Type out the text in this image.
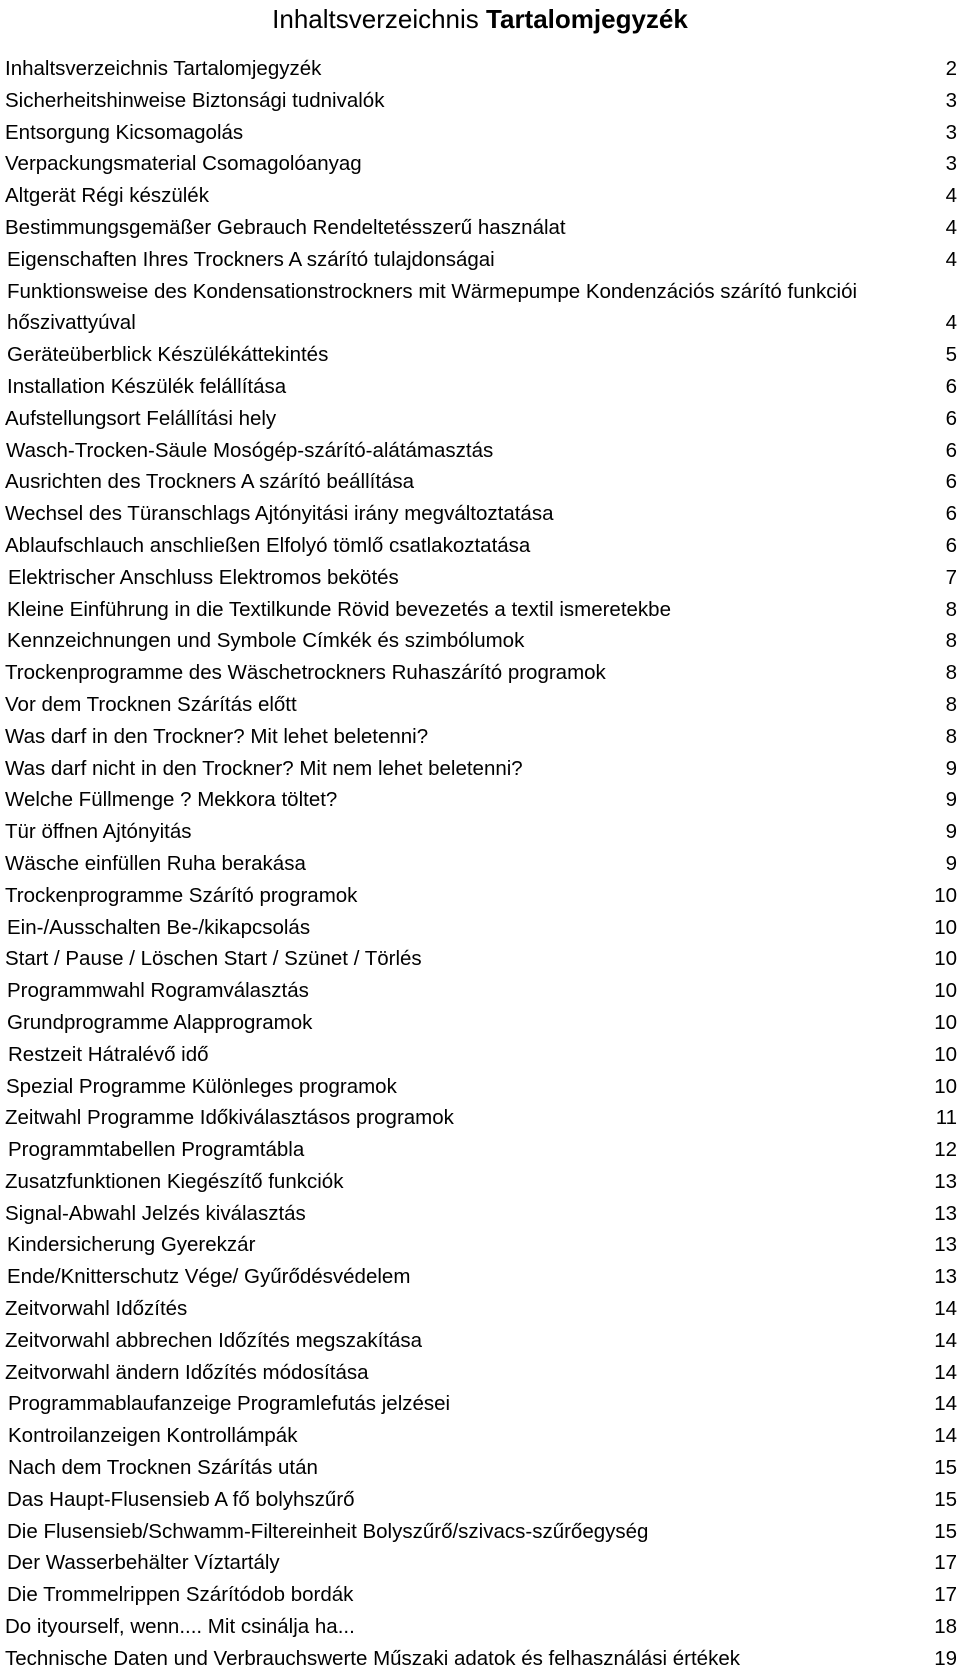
Inhaltsverzeichnis Tartalomjegyzék
Inhaltsverzeichnis Tartalomjegyzék	2
Sicherheitshinweise Biztonsági tudnivalók	3
Entsorgung Kicsomagolás	3
Verpackungsmaterial Csomagolóanyag	3
Altgerät Régi készülék	4
Bestimmungsgemäßer Gebrauch Rendeltetésszerű használat	4
Eigenschaften Ihres Trockners A szárító tulajdonságai	4
Funktionsweise des Kondensationstrockners mit Wärmepumpe Kondenzációs szárító funkciói hőszivattyúval	4
Geräteüberblick Készülékáttekintés	5
Installation Készülék felállítása	6
Aufstellungsort Felállítási hely	6
Wasch-Trocken-Säule Mosógép-szárító-alátámasztás	6
Ausrichten des Trockners A szárító beállítása	6
Wechsel des Türanschlags Ajtónyitási irány megváltoztatása	6
Ablaufschlauch anschließen Elfolyó tömlő csatlakoztatása	6
Elektrischer Anschluss Elektromos bekötés	7
Kleine Einführung in die Textilkunde Rövid bevezetés a textil ismeretekbe	8
Kennzeichnungen und Symbole Címkék és szimbólumok	8
Trockenprogramme des Wäschetrockners Ruhaszárító programok	8
Vor dem Trocknen Szárítás előtt	8
Was darf in den Trockner? Mit lehet beletenni?	8
Was darf nicht in den Trockner? Mit nem lehet beletenni?	9
Welche Füllmenge ? Mekkora töltet?	9
Tür öffnen Ajtónyitás	9
Wäsche einfüllen Ruha berakása	9
Trockenprogramme Szárító programok	10
Ein-/Ausschalten Be-/kikapcsolás	10
Start / Pause / Löschen Start / Szünet / Törlés	10
Programmwahl Rogramválasztás	10
Grundprogramme Alapprogramok	10
Restzeit Hátralévő idő	10
Spezial Programme Különleges programok	10
Zeitwahl Programme Időkiválasztásos programok	11
Programmtabellen Programtábla	12
Zusatzfunktionen Kiegészítő funkciók	13
Signal-Abwahl Jelzés kiválasztás	13
Kindersicherung Gyerekzár	13
Ende/Knitterschutz Vége/ Gyűrődésvédelem	13
Zeitvorwahl Időzítés	14
Zeitvorwahl abbrechen Időzítés megszakítása	14
Zeitvorwahl ändern Időzítés módosítása	14
Programmablaufanzeige Programlefutás jelzései	14
Kontroilanzeigen Kontrollámpák	14
Nach dem Trocknen Szárítás után	15
Das Haupt-Flusensieb A fő bolyhszűrő	15
Die Flusensieb/Schwamm-Filtereinheit Bolyszűrő/szivacs-szűrőegység	15
Der Wasserbehälter Víztartály	17
Die Trommelrippen Szárítódob bordák	17
Do ityourself, wenn.... Mit csinálja ha...	18
Technische Daten und Verbrauchswerte Műszaki adatok és felhasználási értékek	19
